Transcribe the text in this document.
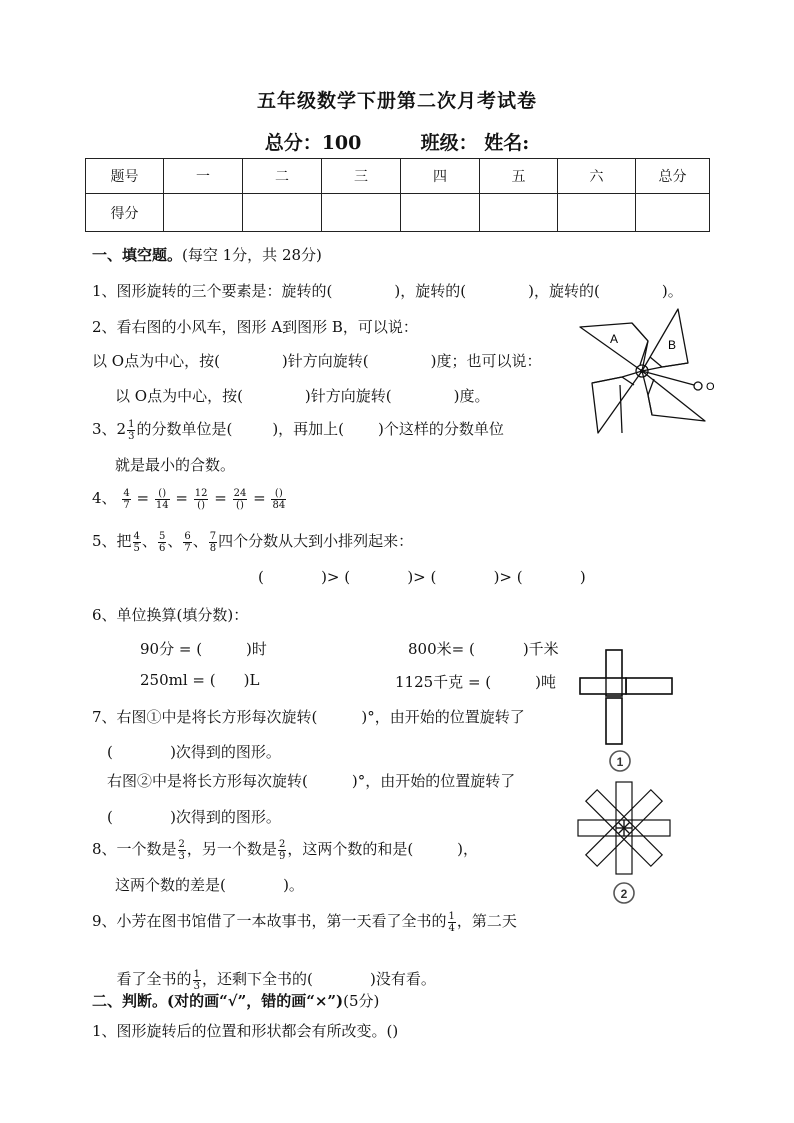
五年级数学下册第二次月考试卷
总分：100	班级： 姓名:
题号	一	二	三	四	五	六	总分
得分							
一、填空题。(每空 1分，共 28分)
1、图形旋转的三个要素是：旋转的(	)，旋转的(	)，旋转的(	)。
2、看右图的小风车，图形 A到图形 B，可以说：
以 O点为中心，按(	)针方向旋转(	)度；也可以说：
以 O点为中心，按(	)针方向旋转(	)度。
A	B
O
3、$2 \frac{1}{3}$ 的分数单位是(	)，再加上( )个这样的分数单位
就是最小的合数。
4、 $\frac{4}{7} = \frac{()}{14} = \frac{12}{()} = \frac{24}{()} = \frac{()}{84}$
5、把 $\frac{4}{5}$ 、 $\frac{5}{6}$ 、 $\frac{6}{7}$ 、 $\frac{7}{8}$ 四个分数从大到小排列起来：
(            )> (            )> (            )> (            )
6、单位换算(填分数)：
90分 = (	)时	800米= (	)千米
250ml = ( )L	1125千克 = (	)吨
1
2
7、右图①中是将长方形每次旋转(	)°，由开始的位置旋转了
(            )次得到的图形。
右图②中是将长方形每次旋转(	)°，由开始的位置旋转了
(            )次得到的图形。
8、一个数是 $\frac{2}{3}$ ，另一个数是 $\frac{2}{9}$ ，这两个数的和是(	)，
这两个数的差是(            )。
9、小芳在图书馆借了一本故事书，第一天看了全书的 $\frac{1}{4}$ ，第二天

看了全书的 $\frac{1}{3}$ ，还剩下全书的(            )没有看。

二、判断。(对的画“√”，错的画“×”)(5分)
1、图形旋转后的位置和形状都会有所改变。()
